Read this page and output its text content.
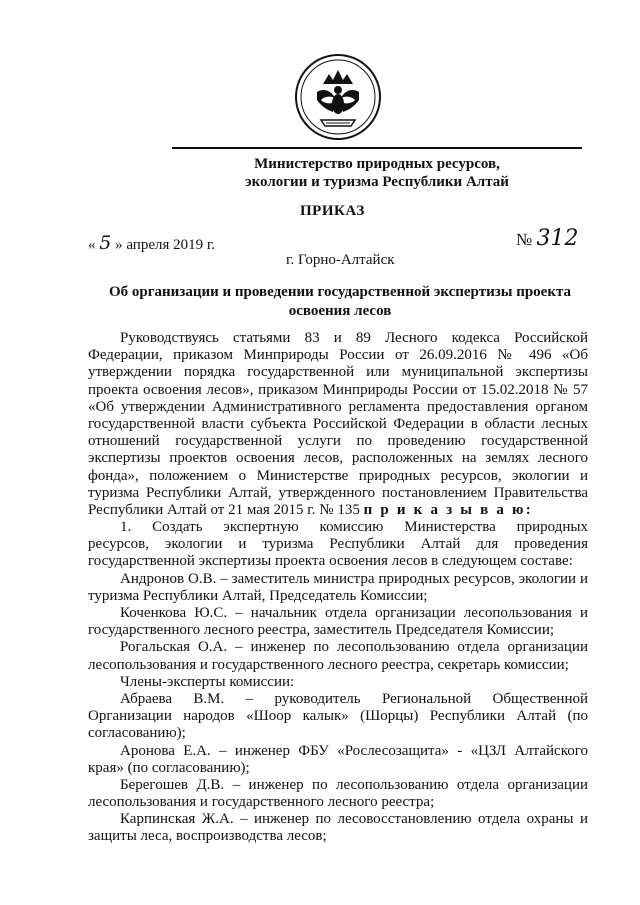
Министерство природных ресурсов,
экологии и туризма Республики Алтай
ПРИКАЗ
« 5 » апреля 2019 г.	№ 312
г. Горно-Алтайск
Об организации и проведении государственной экспертизы проекта
освоения лесов
Руководствуясь статьями 83 и 89 Лесного кодекса Российской
Федерации, приказом Минприроды России от 26.09.2016 № 496 «Об
утверждении порядка государственной или муниципальной экспертизы
проекта освоения лесов», приказом Минприроды России от 15.02.2018 № 57
«Об утверждении Административного регламента предоставления органом
государственной власти субъекта Российской Федерации в области лесных
отношений государственной услуги по проведению государственной
экспертизы проектов освоения лесов, расположенных на землях лесного
фонда», положением о Министерстве природных ресурсов, экологии и
туризма Республики Алтай, утвержденного постановлением Правительства
Республики Алтай от 21 мая 2015 г. № 135 п р и к а з ы в а ю:
1. Создать экспертную комиссию Министерства природных
ресурсов, экологии и туризма Республики Алтай для проведения
государственной экспертизы проекта освоения лесов в следующем составе:
Андронов О.В. – заместитель министра природных ресурсов, экологии и
туризма Республики Алтай, Председатель Комиссии;
Коченкова Ю.С. – начальник отдела организации лесопользования и
государственного лесного реестра, заместитель Председателя Комиссии;
Рогальская О.А. – инженер по лесопользованию отдела организации
лесопользования и государственного лесного реестра, секретарь комиссии;
Члены-эксперты комиссии:
Абраева В.М. – руководитель Региональной Общественной
Организации народов «Шоор калык» (Шорцы) Республики Алтай (по
согласованию);
Аронова Е.А. – инженер ФБУ «Рослесозащита» - «ЦЗЛ Алтайского
края» (по согласованию);
Берегошев Д.В. – инженер по лесопользованию отдела организации
лесопользования и государственного лесного реестра;
Карпинская Ж.А. – инженер по лесовосстановлению отдела охраны и
защиты леса, воспроизводства лесов;
